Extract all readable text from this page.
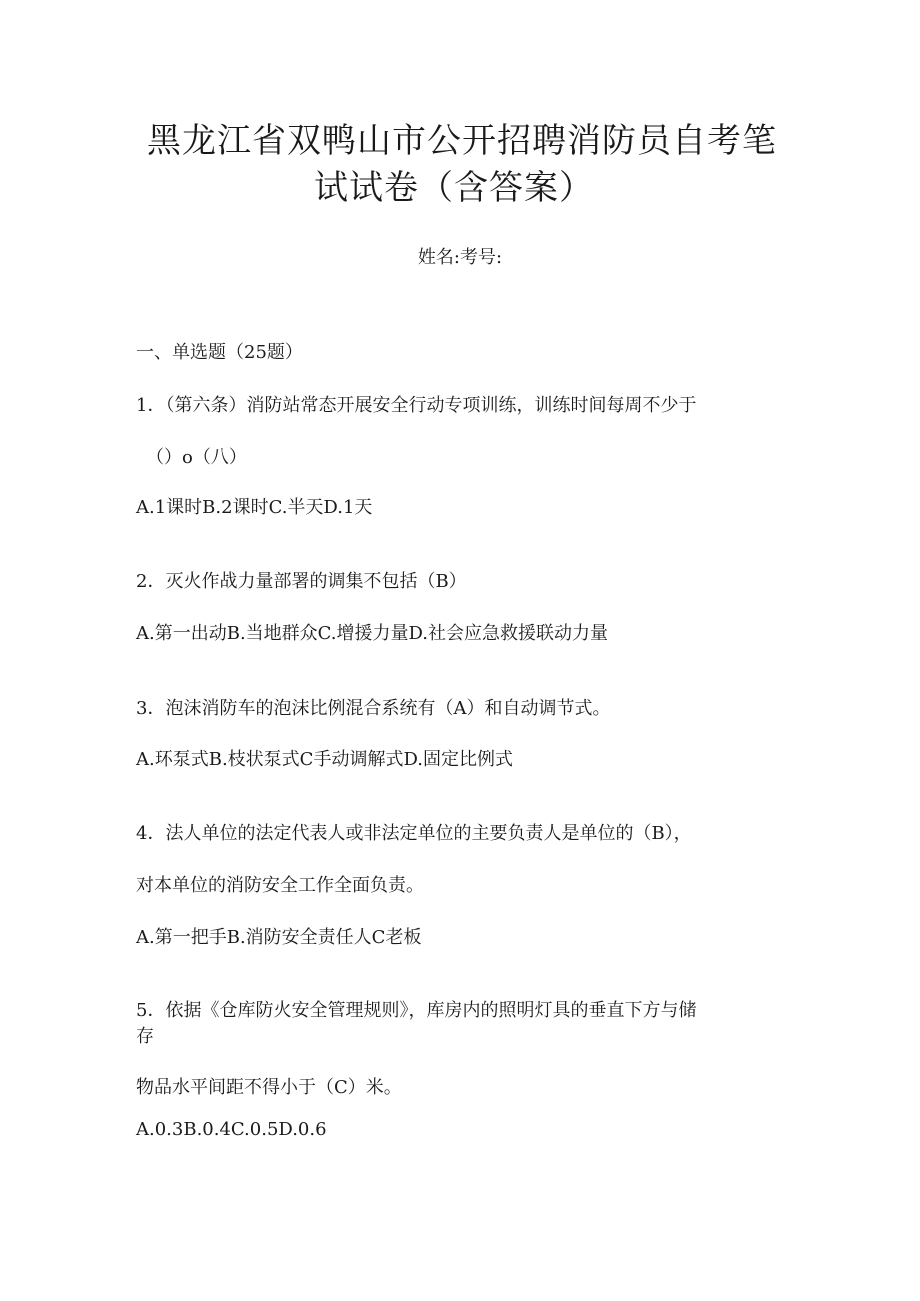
黑龙江省双鸭山市公开招聘消防员自考笔
试试卷（含答案）
姓名:考号:
一、单选题（25题）
1．（第六条）消防站常态开展安全行动专项训练，训练时间每周不少于
（）o（八）
A.1课时B.2课时C.半天D.1天
2．灭火作战力量部署的调集不包括（B）
A.第一出动B.当地群众C.增援力量D.社会应急救援联动力量
3．泡沫消防车的泡沫比例混合系统有（A）和自动调节式。
A.环泵式B.枝状泵式C手动调解式D.固定比例式
4．法人单位的法定代表人或非法定单位的主要负责人是单位的（B），
对本单位的消防安全工作全面负责。
A.第一把手B.消防安全责任人C老板
5．依据《仓库防火安全管理规则》，库房内的照明灯具的垂直下方与储
存
物品水平间距不得小于（C）米。
A.0.3B.0.4C.0.5D.0.6
